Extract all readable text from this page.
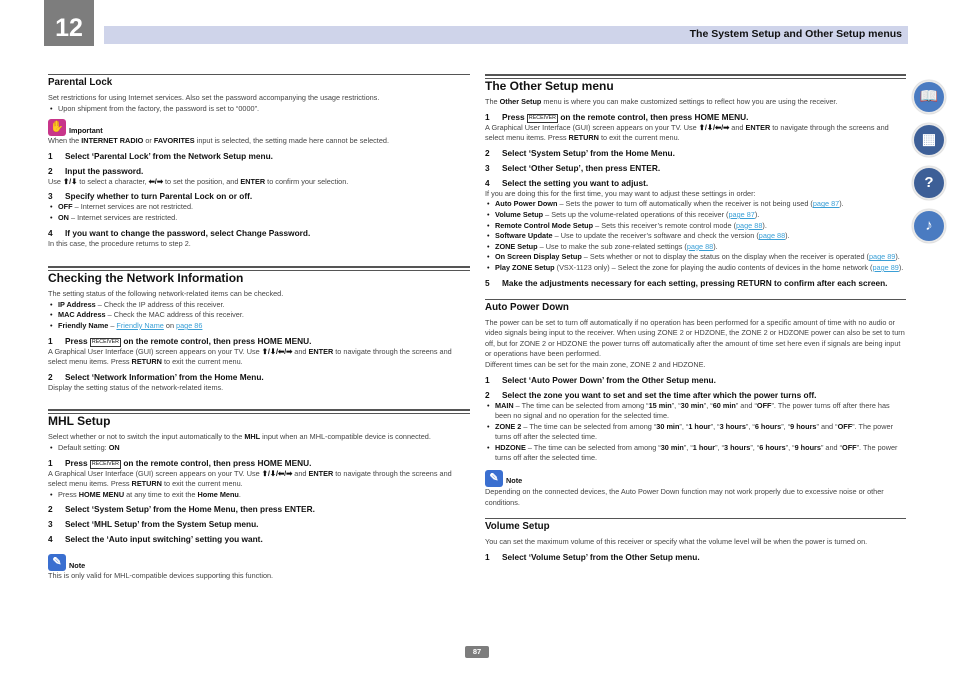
12	The System Setup and Other Setup menus
Parental Lock
Set restrictions for using Internet services. Also set the password accompanying the usage restrictions.
• Upon shipment from the factory, the password is set to “0000”.
✋ Important
When the INTERNET RADIO or FAVORITES input is selected, the setting made here cannot be selected.
1 Select ‘Parental Lock’ from the Network Setup menu.
2 Input the password.
Use ⬆/⬇ to select a character, ⬅/➡ to set the position, and ENTER to confirm your selection.
3 Specify whether to turn Parental Lock on or off.
• OFF – Internet services are not restricted.
• ON – Internet services are restricted.
4 If you want to change the password, select Change Password.
In this case, the procedure returns to step 2.
Checking the Network Information
The setting status of the following network-related items can be checked.
• IP Address – Check the IP address of this receiver.
• MAC Address – Check the MAC address of this receiver.
• Friendly Name – Friendly Name on page 86
1 Press RECEIVER on the remote control, then press HOME MENU.
A Graphical User Interface (GUI) screen appears on your TV. Use ⬆/⬇/⬅/➡ and ENTER to navigate through the screens and select menu items. Press RETURN to exit the current menu.
2 Select ‘Network Information’ from the Home Menu.
Display the setting status of the network-related items.
MHL Setup
Select whether or not to switch the input automatically to the MHL input when an MHL-compatible device is connected.
• Default setting: ON
1 Press RECEIVER on the remote control, then press HOME MENU.
A Graphical User Interface (GUI) screen appears on your TV. Use ⬆/⬇/⬅/➡ and ENTER to navigate through the screens and select menu items. Press RETURN to exit the current menu.
• Press HOME MENU at any time to exit the Home Menu.
2 Select ‘System Setup’ from the Home Menu, then press ENTER.
3 Select ‘MHL Setup’ from the System Setup menu.
4 Select the ‘Auto input switching’ setting you want.
✎	Note
This is only valid for MHL-compatible devices supporting this function.
The Other Setup menu
The Other Setup menu is where you can make customized settings to reflect how you are using the receiver.
1 Press RECEIVER on the remote control, then press HOME MENU.
A Graphical User Interface (GUI) screen appears on your TV. Use ⬆/⬇/⬅/➡ and ENTER to navigate through the screens and select menu items. Press RETURN to exit the current menu.
2 Select ‘System Setup’ from the Home Menu.
3 Select ‘Other Setup’, then press ENTER.
4 Select the setting you want to adjust.
If you are doing this for the first time, you may want to adjust these settings in order:
• Auto Power Down – Sets the power to turn off automatically when the receiver is not being used (page 87).
• Volume Setup – Sets up the volume-related operations of this receiver (page 87).
• Remote Control Mode Setup – Sets this receiver’s remote control mode (page 88).
• Software Update – Use to update the receiver’s software and check the version (page 88).
• ZONE Setup – Use to make the sub zone-related settings (page 88).
• On Screen Display Setup – Sets whether or not to display the status on the display when the receiver is operated (page 89).
• Play ZONE Setup (VSX-1123 only) – Select the zone for playing the audio contents of devices in the home network (page 89).
5 Make the adjustments necessary for each setting, pressing RETURN to confirm after each screen.
Auto Power Down
The power can be set to turn off automatically if no operation has been performed for a specific amount of time with no audio or video signals being input to the receiver. When using ZONE 2 or HDZONE, the ZONE 2 or HDZONE power can also be set to turn off, but for ZONE 2 or HDZONE the power turns off automatically after the amount of time set here even if signals are being input or operations have been performed.
Different times can be set for the main zone, ZONE 2 and HDZONE.
1 Select ‘Auto Power Down’ from the Other Setup menu.
2 Select the zone you want to set and set the time after which the power turns off.
• MAIN – The time can be selected from among “15 min”, “30 min”, “60 min” and “OFF”. The power turns off after there has been no signal and no operation for the selected time.
• ZONE 2 – The time can be selected from among “30 min”, “1 hour”, “3 hours”, “6 hours”, “9 hours” and “OFF”. The power turns off after the selected time.
• HDZONE – The time can be selected from among “30 min”, “1 hour”, “3 hours”, “6 hours”, “9 hours” and “OFF”. The power turns off after the selected time.
✎	Note
Depending on the connected devices, the Auto Power Down function may not work properly due to excessive noise or other conditions.
Volume Setup
You can set the maximum volume of this receiver or specify what the volume level will be when the power is turned on.
1 Select ‘Volume Setup’ from the Other Setup menu.
📖
▦
?
♪
87
